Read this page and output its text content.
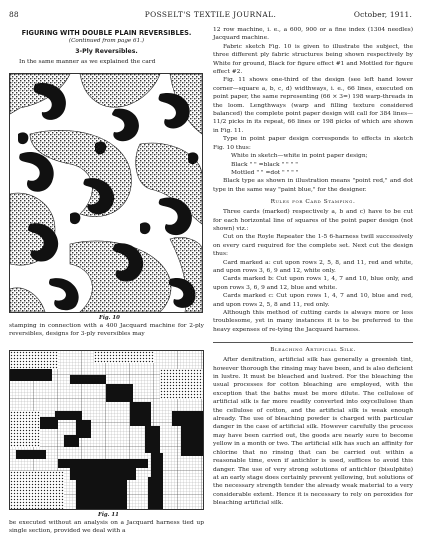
88	POSSELT'S TEXTILE JOURNAL.	October, 1911.
FIGURING WITH DOUBLE PLAIN REVERSIBLES.
(Continued from page 61.)
3-Ply Reversibles.

In the same manner as we explained the card

Fig. 10

stamping in connection with a 400 Jacquard machine for 2-ply reversibles, designs for 3-ply reversibles may

Fig. 11

be executed without an analysis on a Jacquard harness tied up single section, provided we deal with a

12 row machine, i. e., a 600, 900 or a fine index (1304 needles) Jacquard machine.

Fabric sketch Fig. 10 is given to illustrate the subject, the three different ply fabric structures being shown respectively by White for ground, Black for figure effect #1 and Mottled for figure effect #2.

Fig. 11 shows one-third of the design (see left hand lower corner—square a, b, c, d) widthways, i. e., 66 lines, executed on point paper, the same representing (66 × 3=) 198 warp-threads in the loom. Lengthways (warp and filling texture considered balanced) the complete point paper design will call for 384 lines—11/2 picks in its repeat, 66 lines or 198 picks of which are shown in Fig. 11.

Type in point paper design corresponds to effects in sketch Fig. 10 thus:

White in sketch—white in point paper design;
Black " " =black " " " "
Mottled " " =dot " " " "

Black type as shown in illustration means "point red," and dot type in the same way "paint blue," for the designer.

Rules for Card Stamping.

Three cards (marked) respectively a, b and c) have to be cut for each horizontal line of squares of the point paper design (not shown) viz.:

Cut on the Royle Repeater the 1-5 6-harness twill successively on every card required for the complete set. Next cut the design thus:

Card marked a: cut upon rows 2, 5, 8, and 11, red and white, and upon rows 3, 6, 9 and 12, white only.

Cards marked b: Cut upon rows 1, 4, 7 and 10, blue only, and upon rows 3, 6, 9 and 12, blue and white.

Cards marked c: Cut upon rows 1, 4, 7 and 10, blue and red, and upon rows 2, 5, 8 and 11, red only.

Although this method of cutting cards is always more or less troublesome, yet in many instances it is to be preferred to the heavy expenses of re-tying the Jacquard harness.

Bleaching Artificial Silk.

After denitration, artificial silk has generally a greenish tint, however thorough the rinsing may have been, and is also deficient in lustre. It must be bleached and lustred. For the bleaching the usual processes for cotton bleaching are employed, with the exception that the baths must be more dilute. The cellulose of artificial silk is far more readily converted into oxycellulose than the cellulose of cotton, and the artificial silk is weak enough already. The use of bleaching powder is charged with particular danger in the case of artificial silk. However carefully the process may have been carried out, the goods are nearly sure to become yellow in a month or two. The artificial silk has such an affinity for chlorine that no rinsing that can be carried out within a reasonable time, even if antichlor is used, suffices to avoid this danger. The use of very strong solutions of antichlor (bisulphite) at an early stage does certainly prevent yellowing, but solutions of the necessary strength tender the already weak material to a very considerable extent. Hence it is necessary to rely on peroxides for bleaching artificial silk.
